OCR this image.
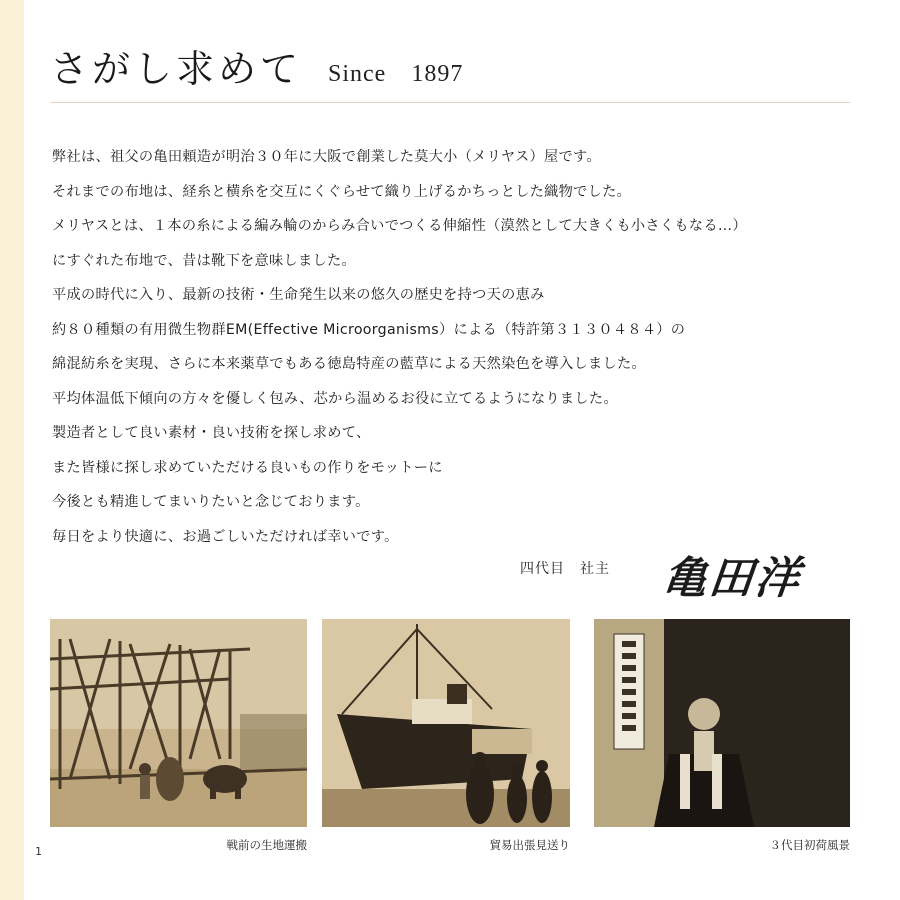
さがし求めて Since　1897
弊社は、祖父の亀田頼造が明治３０年に大阪で創業した莫大小（メリヤス）屋です。
それまでの布地は、経糸と横糸を交互にくぐらせて織り上げるかちっとした織物でした。
メリヤスとは、１本の糸による編み輪のからみ合いでつくる伸縮性（漠然として大きくも小さくもなる…）
にすぐれた布地で、昔は靴下を意味しました。
平成の時代に入り、最新の技術・生命発生以来の悠久の歴史を持つ天の恵み
約８０種類の有用微生物群EM(Effective Microorganisms）による（特許第３１３０４８４）の
綿混紡糸を実現、さらに本来薬草でもある徳島特産の藍草による天然染色を導入しました。
平均体温低下傾向の方々を優しく包み、芯から温めるお役に立てるようになりました。
製造者として良い素材・良い技術を探し求めて、
また皆様に探し求めていただける良いもの作りをモットーに
今後とも精進してまいりたいと念じております。
毎日をより快適に、お過ごしいただければ幸いです。
四代目　社主 亀田洋三
戦前の生地運搬	貿易出張見送り	３代目初荷風景
1
